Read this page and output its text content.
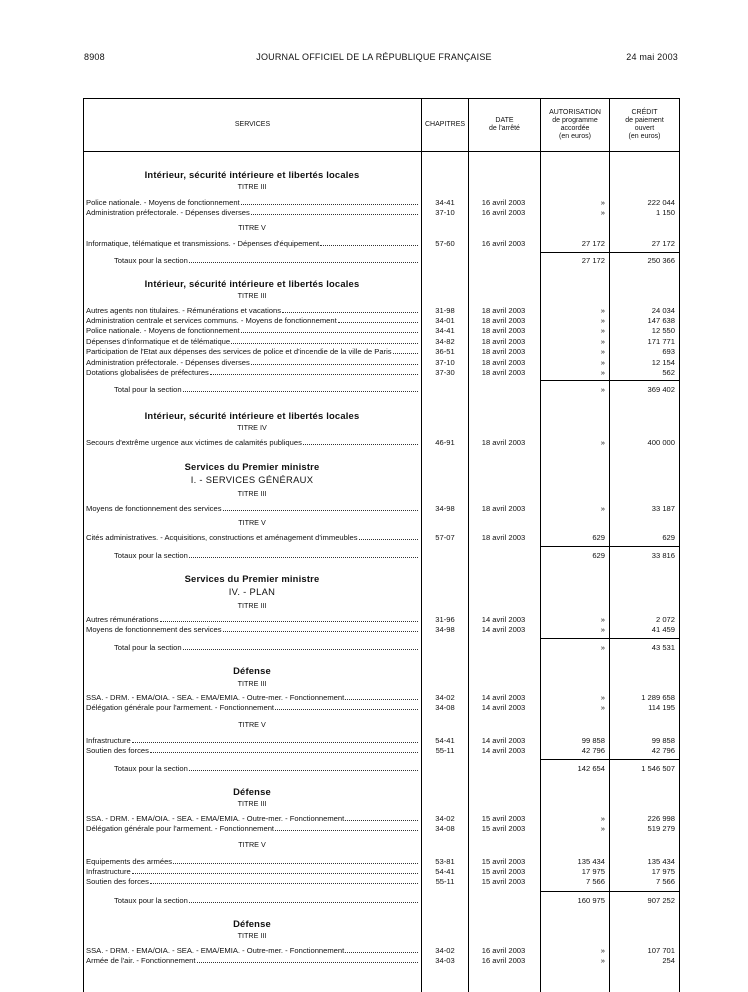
8908	JOURNAL OFFICIEL DE LA RÉPUBLIQUE FRANÇAISE	24 mai 2003
SERVICES	CHAPITRES
DATE
de l'arrêté
AUTORISATION
de programme
accordée
(en euros)
CRÉDIT
de paiement
ouvert
(en euros)
Intérieur, sécurité intérieure et libertés locales
TITRE III
Police nationale. - Moyens de fonctionnement	34-41	16 avril 2003	»	222 044
Administration préfectorale. - Dépenses diverses	37-10	16 avril 2003	»	1 150
TITRE V
Informatique, télématique et transmissions. - Dépenses d'équipement	57-60	16 avril 2003	27 172	27 172
Totaux pour la section	27 172	250 366
Intérieur, sécurité intérieure et libertés locales
TITRE III
Autres agents non titulaires. - Rémunérations et vacations	31-98	18 avril 2003	»	24 034
Administration centrale et services communs. - Moyens de fonctionnement	34-01	18 avril 2003	»	147 638
Police nationale. - Moyens de fonctionnement	34-41	18 avril 2003	»	12 550
Dépenses d'informatique et de télématique	34-82	18 avril 2003	»	171 771
Participation de l'Etat aux dépenses des services de police et d'incendie de la ville de Paris	36-51	18 avril 2003	»	693
Administration préfectorale. - Dépenses diverses	37-10	18 avril 2003	»	12 154
Dotations globalisées de préfectures	37-30	18 avril 2003	»	562
Total pour la section	»	369 402
Intérieur, sécurité intérieure et libertés locales
TITRE IV
Secours d'extrême urgence aux victimes de calamités publiques	46-91	18 avril 2003	»	400 000
Services du Premier ministre
I. - SERVICES GÉNÉRAUX
TITRE III
Moyens de fonctionnement des services	34-98	18 avril 2003	»	33 187
TITRE V
Cités administratives. - Acquisitions, constructions et aménagement d'immeubles	57-07	18 avril 2003	629	629
Totaux pour la section	629	33 816
Services du Premier ministre
IV. - PLAN
TITRE III
Autres rémunérations	31-96	14 avril 2003	»	2 072
Moyens de fonctionnement des services	34-98	14 avril 2003	»	41 459
Total pour la section	»	43 531
Défense
TITRE III
SSA. - DRM. - EMA/OIA. - SEA. - EMA/EMIA. - Outre-mer. - Fonctionnement	34-02	14 avril 2003	»	1 289 658
Délégation générale pour l'armement. - Fonctionnement	34-08	14 avril 2003	»	114 195
TITRE V
Infrastructure	54-41	14 avril 2003	99 858	99 858
Soutien des forces	55-11	14 avril 2003	42 796	42 796
Totaux pour la section	142 654	1 546 507
Défense
TITRE III
SSA. - DRM. - EMA/OIA. - SEA. - EMA/EMIA. - Outre-mer. - Fonctionnement	34-02	15 avril 2003	»	226 998
Délégation générale pour l'armement. - Fonctionnement	34-08	15 avril 2003	»	519 279
TITRE V
Equipements des armées	53-81	15 avril 2003	135 434	135 434
Infrastructure	54-41	15 avril 2003	17 975	17 975
Soutien des forces	55-11	15 avril 2003	7 566	7 566
Totaux pour la section	160 975	907 252
Défense
TITRE III
SSA. - DRM. - EMA/OIA. - SEA. - EMA/EMIA. - Outre-mer. - Fonctionnement	34-02	16 avril 2003	»	107 701
Armée de l'air. - Fonctionnement	34-03	16 avril 2003	»	254
